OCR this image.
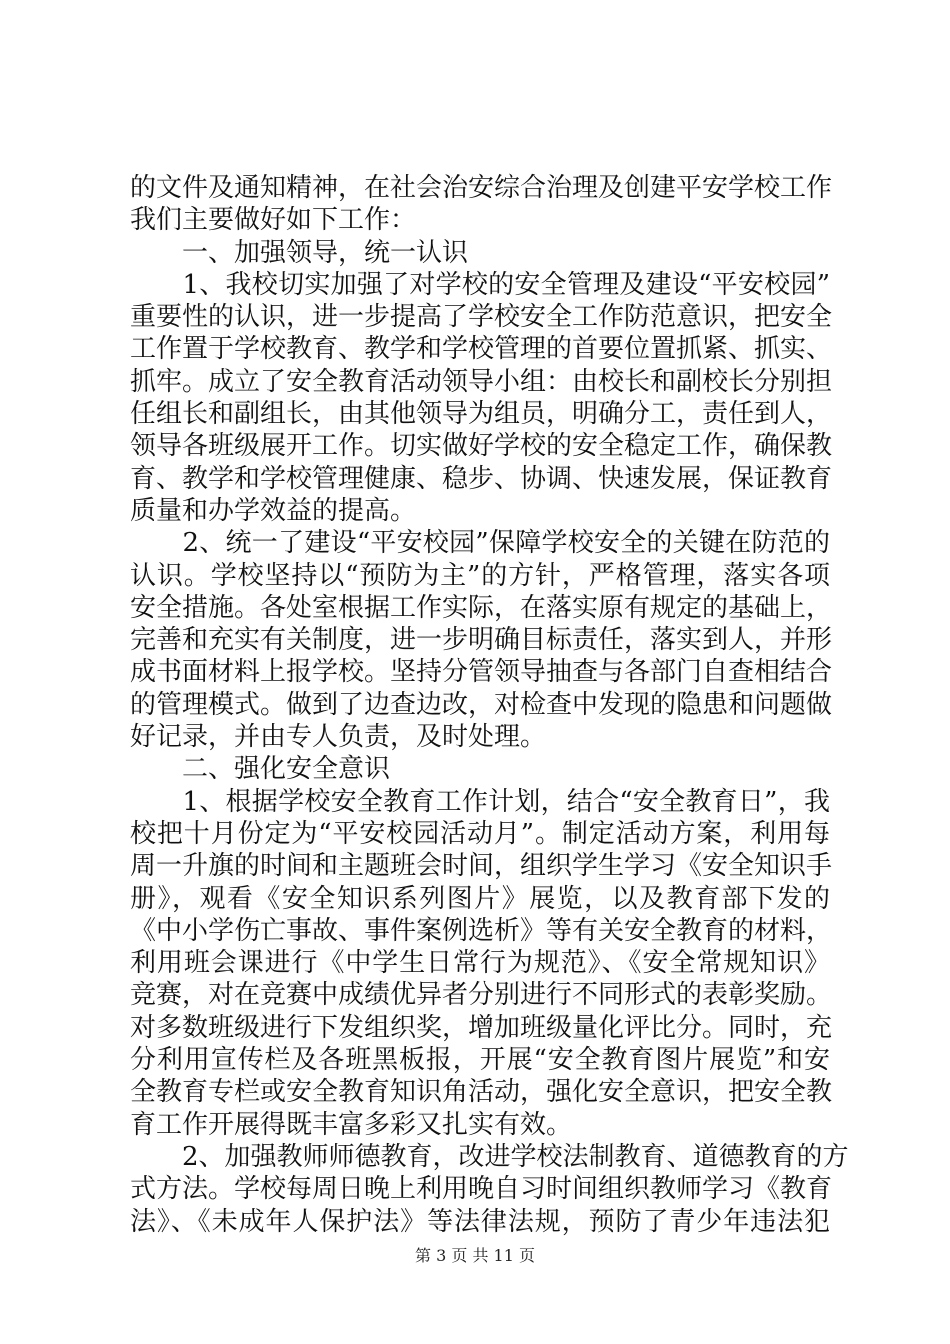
的文件及通知精神，在社会治安综合治理及创建平安学校工作
我们主要做好如下工作：
　　一、加强领导，统一认识
　　1、我校切实加强了对学校的安全管理及建设“平安校园”
重要性的认识，进一步提高了学校安全工作防范意识，把安全
工作置于学校教育、教学和学校管理的首要位置抓紧、抓实、
抓牢。成立了安全教育活动领导小组：由校长和副校长分别担
任组长和副组长，由其他领导为组员，明确分工，责任到人，
领导各班级展开工作。切实做好学校的安全稳定工作，确保教
育、教学和学校管理健康、稳步、协调、快速发展，保证教育
质量和办学效益的提高。
　　2、统一了建设“平安校园”保障学校安全的关键在防范的
认识。学校坚持以“预防为主”的方针，严格管理，落实各项
安全措施。各处室根据工作实际，在落实原有规定的基础上，
完善和充实有关制度，进一步明确目标责任，落实到人，并形
成书面材料上报学校。坚持分管领导抽查与各部门自查相结合
的管理模式。做到了边查边改，对检查中发现的隐患和问题做
好记录，并由专人负责，及时处理。
　　二、强化安全意识
　　1、根据学校安全教育工作计划，结合“安全教育日”，我
校把十月份定为“平安校园活动月”。制定活动方案，利用每
周一升旗的时间和主题班会时间，组织学生学习《安全知识手
册》，观看《安全知识系列图片》展览，以及教育部下发的
《中小学伤亡事故、事件案例选析》等有关安全教育的材料，
利用班会课进行《中学生日常行为规范》、《安全常规知识》
竞赛，对在竞赛中成绩优异者分别进行不同形式的表彰奖励。
对多数班级进行下发组织奖，增加班级量化评比分。同时，充
分利用宣传栏及各班黑板报，开展“安全教育图片展览”和安
全教育专栏或安全教育知识角活动，强化安全意识，把安全教
育工作开展得既丰富多彩又扎实有效。
　　2、加强教师师德教育，改进学校法制教育、道德教育的方
式方法。学校每周日晚上利用晚自习时间组织教师学习《教育
法》、《未成年人保护法》等法律法规，预防了青少年违法犯
第 3 页 共 11 页
